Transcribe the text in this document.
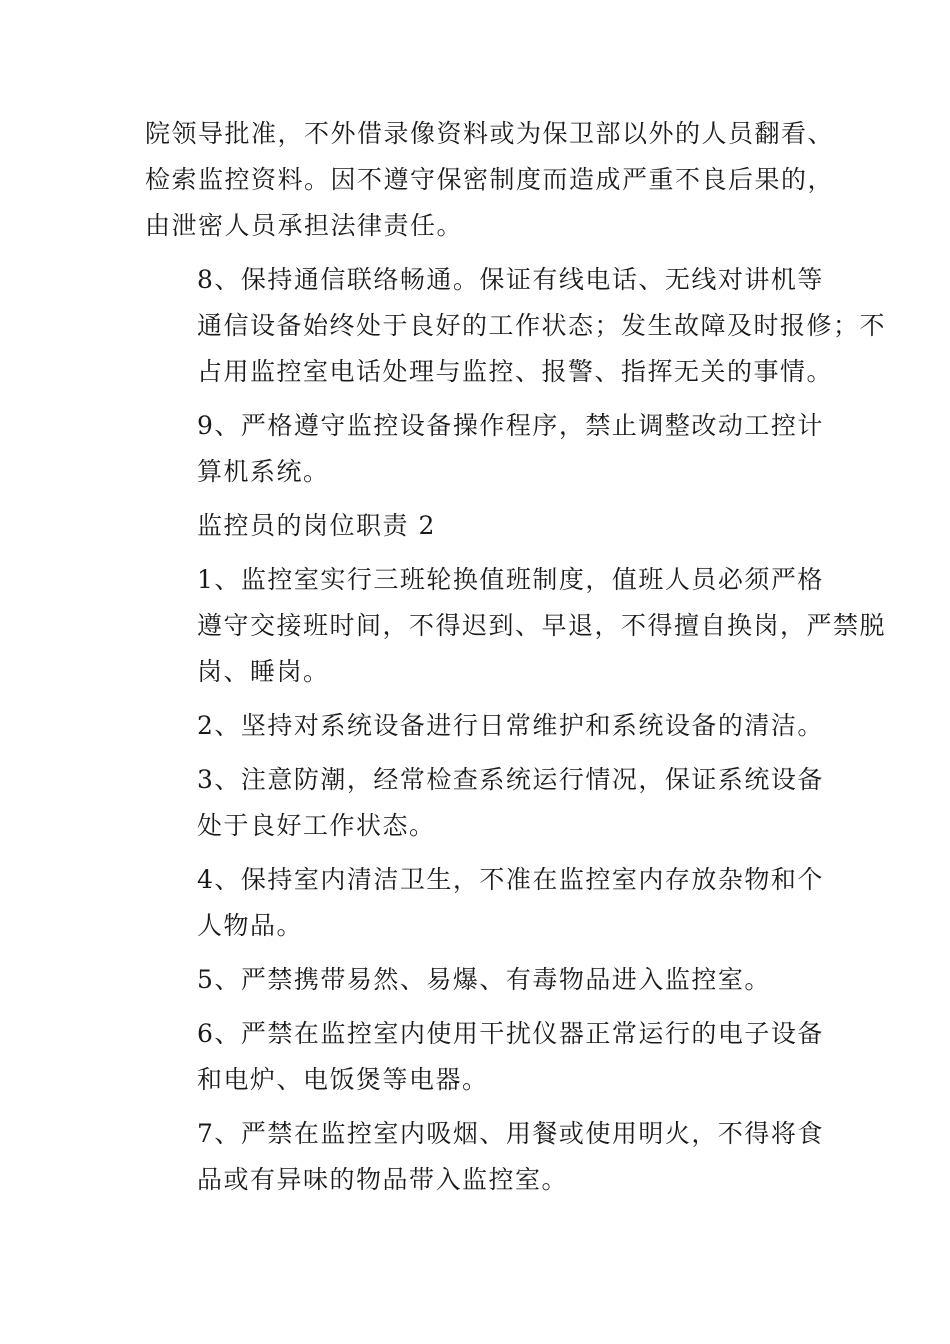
院领导批准，不外借录像资料或为保卫部以外的人员翻看、
检索监控资料。因不遵守保密制度而造成严重不良后果的，
由泄密人员承担法律责任。

8、保持通信联络畅通。保证有线电话、无线对讲机等
通信设备始终处于良好的工作状态；发生故障及时报修；不
占用监控室电话处理与监控、报警、指挥无关的事情。

9、严格遵守监控设备操作程序，禁止调整改动工控计
算机系统。

监控员的岗位职责 2

1、监控室实行三班轮换值班制度，值班人员必须严格
遵守交接班时间，不得迟到、早退，不得擅自换岗，严禁脱
岗、睡岗。

2、坚持对系统设备进行日常维护和系统设备的清洁。

3、注意防潮，经常检查系统运行情况，保证系统设备
处于良好工作状态。

4、保持室内清洁卫生，不准在监控室内存放杂物和个
人物品。

5、严禁携带易然、易爆、有毒物品进入监控室。

6、严禁在监控室内使用干扰仪器正常运行的电子设备
和电炉、电饭煲等电器。

7、严禁在监控室内吸烟、用餐或使用明火，不得将食
品或有异味的物品带入监控室。
